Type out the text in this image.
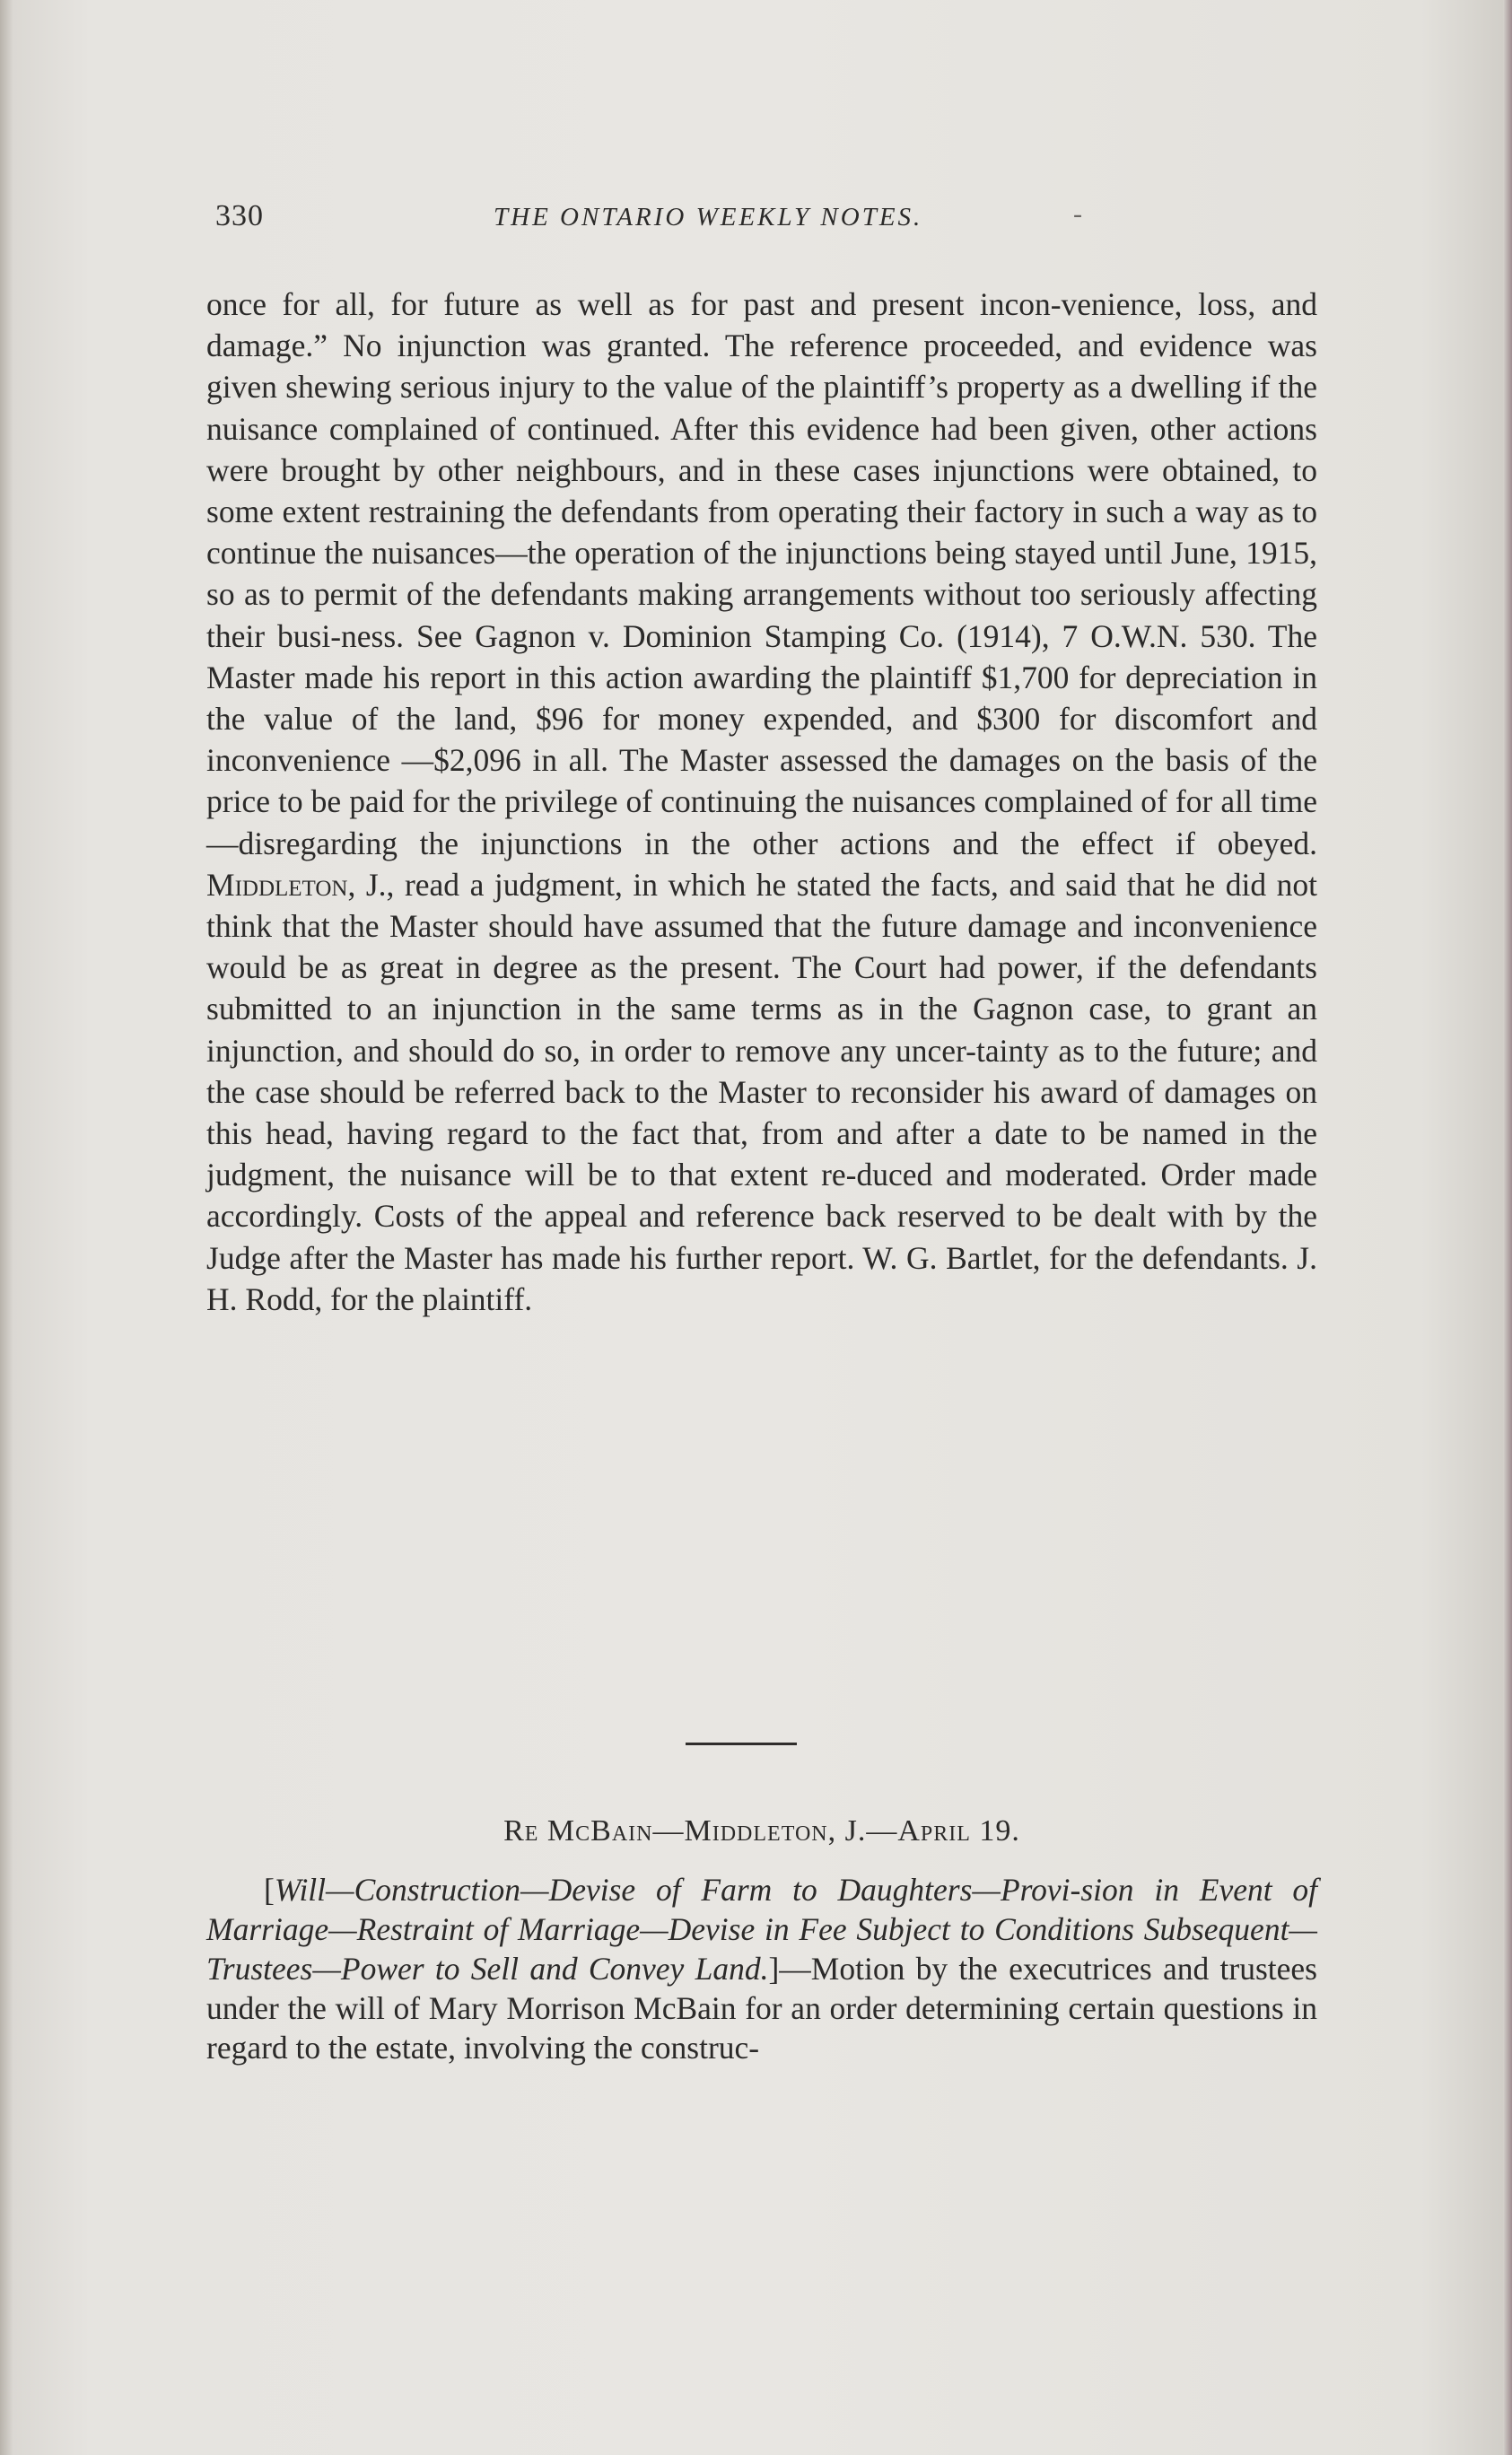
330	THE ONTARIO WEEKLY NOTES.	-

once for all, for future as well as for past and present incon-venience, loss, and damage.” No injunction was granted. The reference proceeded, and evidence was given shewing serious injury to the value of the plaintiff’s property as a dwelling if the nuisance complained of continued. After this evidence had been given, other actions were brought by other neighbours, and in these cases injunctions were obtained, to some extent restraining the defendants from operating their factory in such a way as to continue the nuisances—the operation of the injunctions being stayed until June, 1915, so as to permit of the defendants making arrangements without too seriously affecting their busi-ness. See Gagnon v. Dominion Stamping Co. (1914), 7 O.W.N. 530. The Master made his report in this action awarding the plaintiff $1,700 for depreciation in the value of the land, $96 for money expended, and $300 for discomfort and inconvenience —$2,096 in all. The Master assessed the damages on the basis of the price to be paid for the privilege of continuing the nuisances complained of for all time—disregarding the injunctions in the other actions and the effect if obeyed. Middleton, J., read a judgment, in which he stated the facts, and said that he did not think that the Master should have assumed that the future damage and inconvenience would be as great in degree as the present. The Court had power, if the defendants submitted to an injunction in the same terms as in the Gagnon case, to grant an injunction, and should do so, in order to remove any uncer-tainty as to the future; and the case should be referred back to the Master to reconsider his award of damages on this head, having regard to the fact that, from and after a date to be named in the judgment, the nuisance will be to that extent re-duced and moderated. Order made accordingly. Costs of the appeal and reference back reserved to be dealt with by the Judge after the Master has made his further report. W. G. Bartlet, for the defendants. J. H. Rodd, for the plaintiff.

Re McBain—Middleton, J.—April 19.

[Will—Construction—Devise of Farm to Daughters—Provi-sion in Event of Marriage—Restraint of Marriage—Devise in Fee Subject to Conditions Subsequent—Trustees—Power to Sell and Convey Land.]—Motion by the executrices and trustees under the will of Mary Morrison McBain for an order determining certain questions in regard to the estate, involving the construc-
